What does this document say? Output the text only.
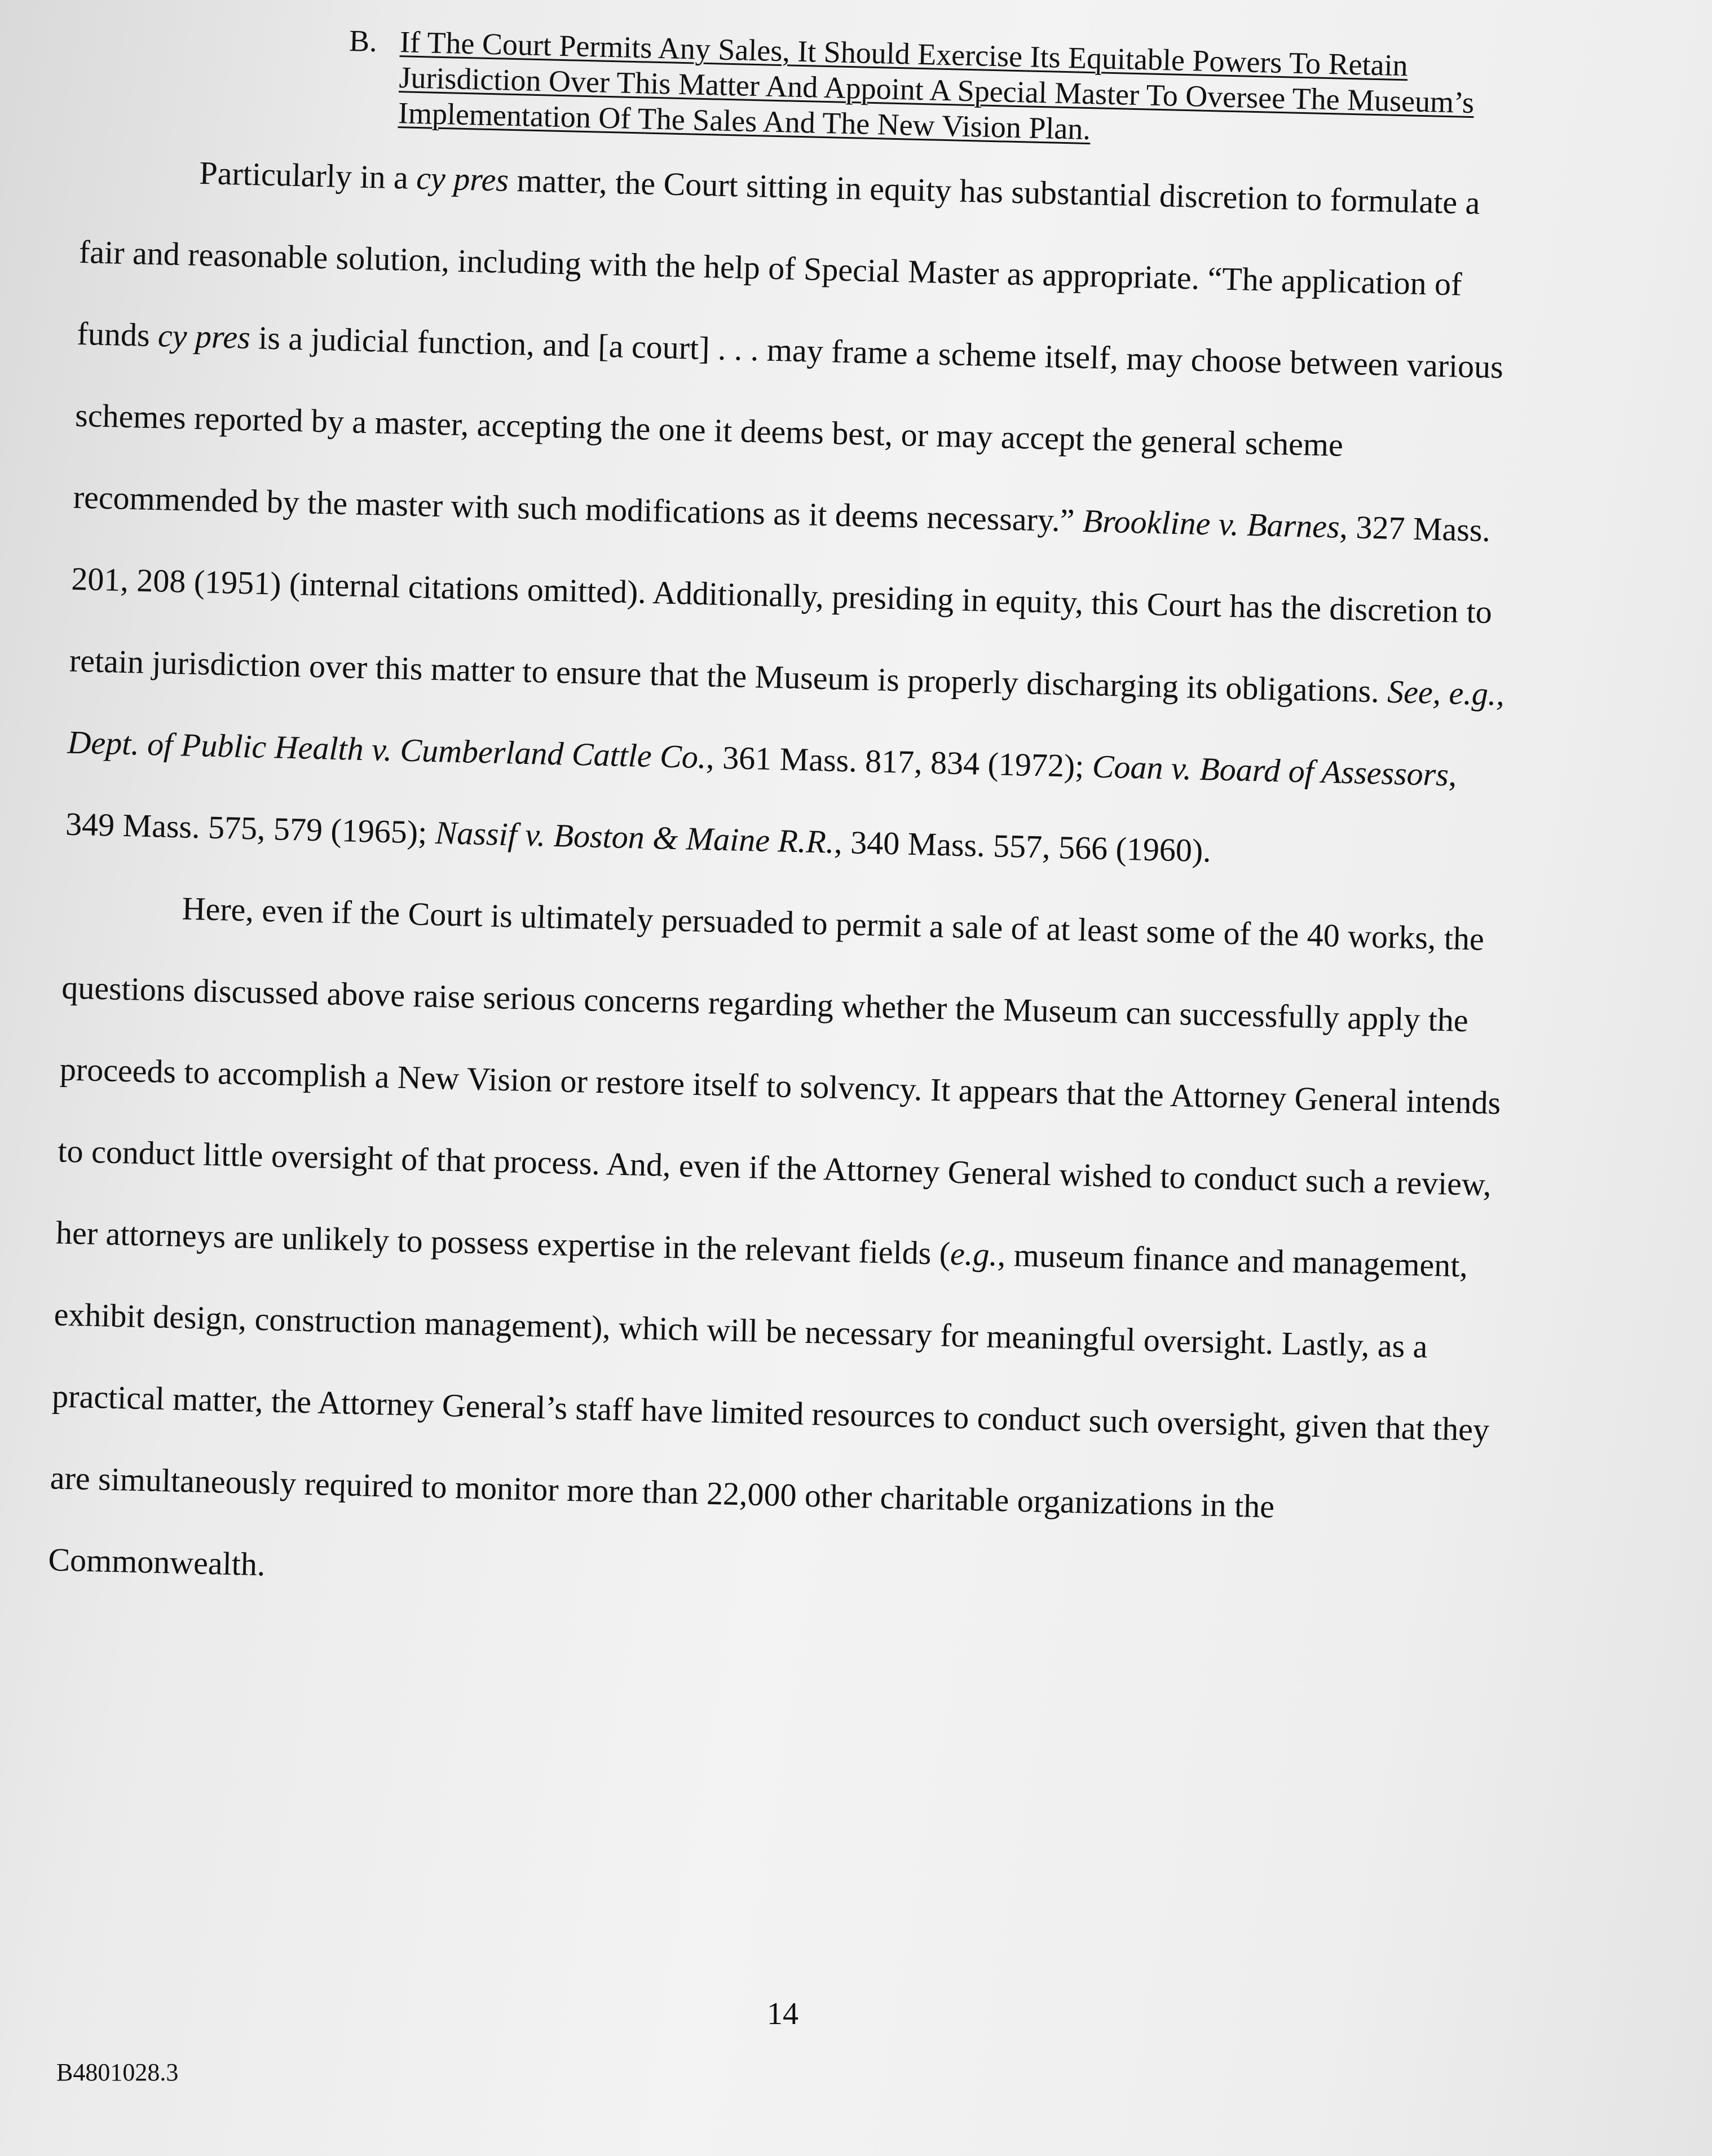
B. If The Court Permits Any Sales, It Should Exercise Its Equitable Powers To Retain Jurisdiction Over This Matter And Appoint A Special Master To Oversee The Museum’s Implementation Of The Sales And The New Vision Plan.

Particularly in a cy pres matter, the Court sitting in equity has substantial discretion to formulate a fair and reasonable solution, including with the help of Special Master as appropriate. “The application of funds cy pres is a judicial function, and [a court] . . . may frame a scheme itself, may choose between various schemes reported by a master, accepting the one it deems best, or may accept the general scheme recommended by the master with such modifications as it deems necessary.” Brookline v. Barnes, 327 Mass. 201, 208 (1951) (internal citations omitted). Additionally, presiding in equity, this Court has the discretion to retain jurisdiction over this matter to ensure that the Museum is properly discharging its obligations. See, e.g., Dept. of Public Health v. Cumberland Cattle Co., 361 Mass. 817, 834 (1972); Coan v. Board of Assessors, 349 Mass. 575, 579 (1965); Nassif v. Boston & Maine R.R., 340 Mass. 557, 566 (1960).

Here, even if the Court is ultimately persuaded to permit a sale of at least some of the 40 works, the questions discussed above raise serious concerns regarding whether the Museum can successfully apply the proceeds to accomplish a New Vision or restore itself to solvency. It appears that the Attorney General intends to conduct little oversight of that process. And, even if the Attorney General wished to conduct such a review, her attorneys are unlikely to possess expertise in the relevant fields (e.g., museum finance and management, exhibit design, construction management), which will be necessary for meaningful oversight. Lastly, as a practical matter, the Attorney General’s staff have limited resources to conduct such oversight, given that they are simultaneously required to monitor more than 22,000 other charitable organizations in the Commonwealth.

14
B4801028.3
